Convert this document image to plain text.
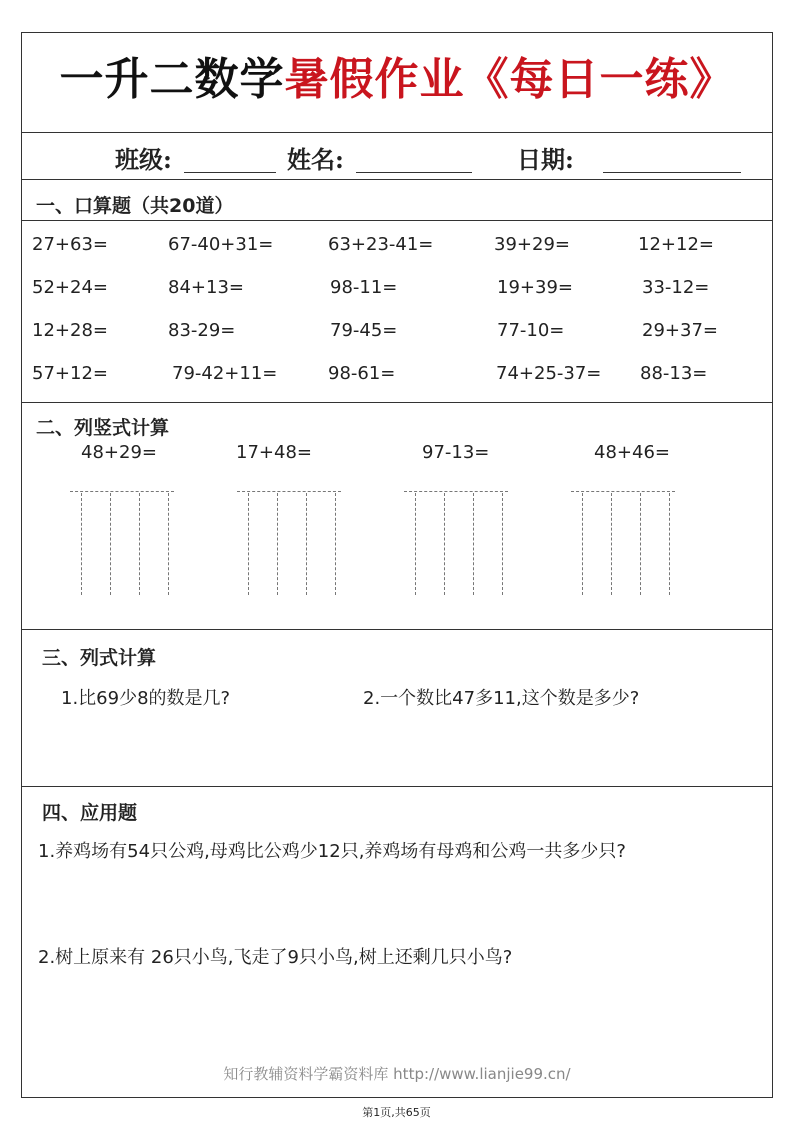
一升二数学暑假作业《每日一练》
班级:	姓名:	日期:
一、口算题（共20道）
27+63=	67-40+31=	63+23-41=	39+29=	12+12=
52+24=	84+13=	98-11=	19+39=	33-12=
12+28=	83-29=	79-45=	77-10=	29+37=
57+12=	79-42+11=	98-61=	74+25-37= 88-13=
二、列竖式计算
48+29=	17+48=	97-13=	48+46=
三、列式计算
1.比69少8的数是几?	2.一个数比47多11,这个数是多少?
四、应用题
1.养鸡场有54只公鸡,母鸡比公鸡少12只,养鸡场有母鸡和公鸡一共多少只?
2.树上原来有 26只小鸟,飞走了9只小鸟,树上还剩几只小鸟?
知行教辅资料学霸资料库 http://www.lianjie99.cn/
第1页,共65页
